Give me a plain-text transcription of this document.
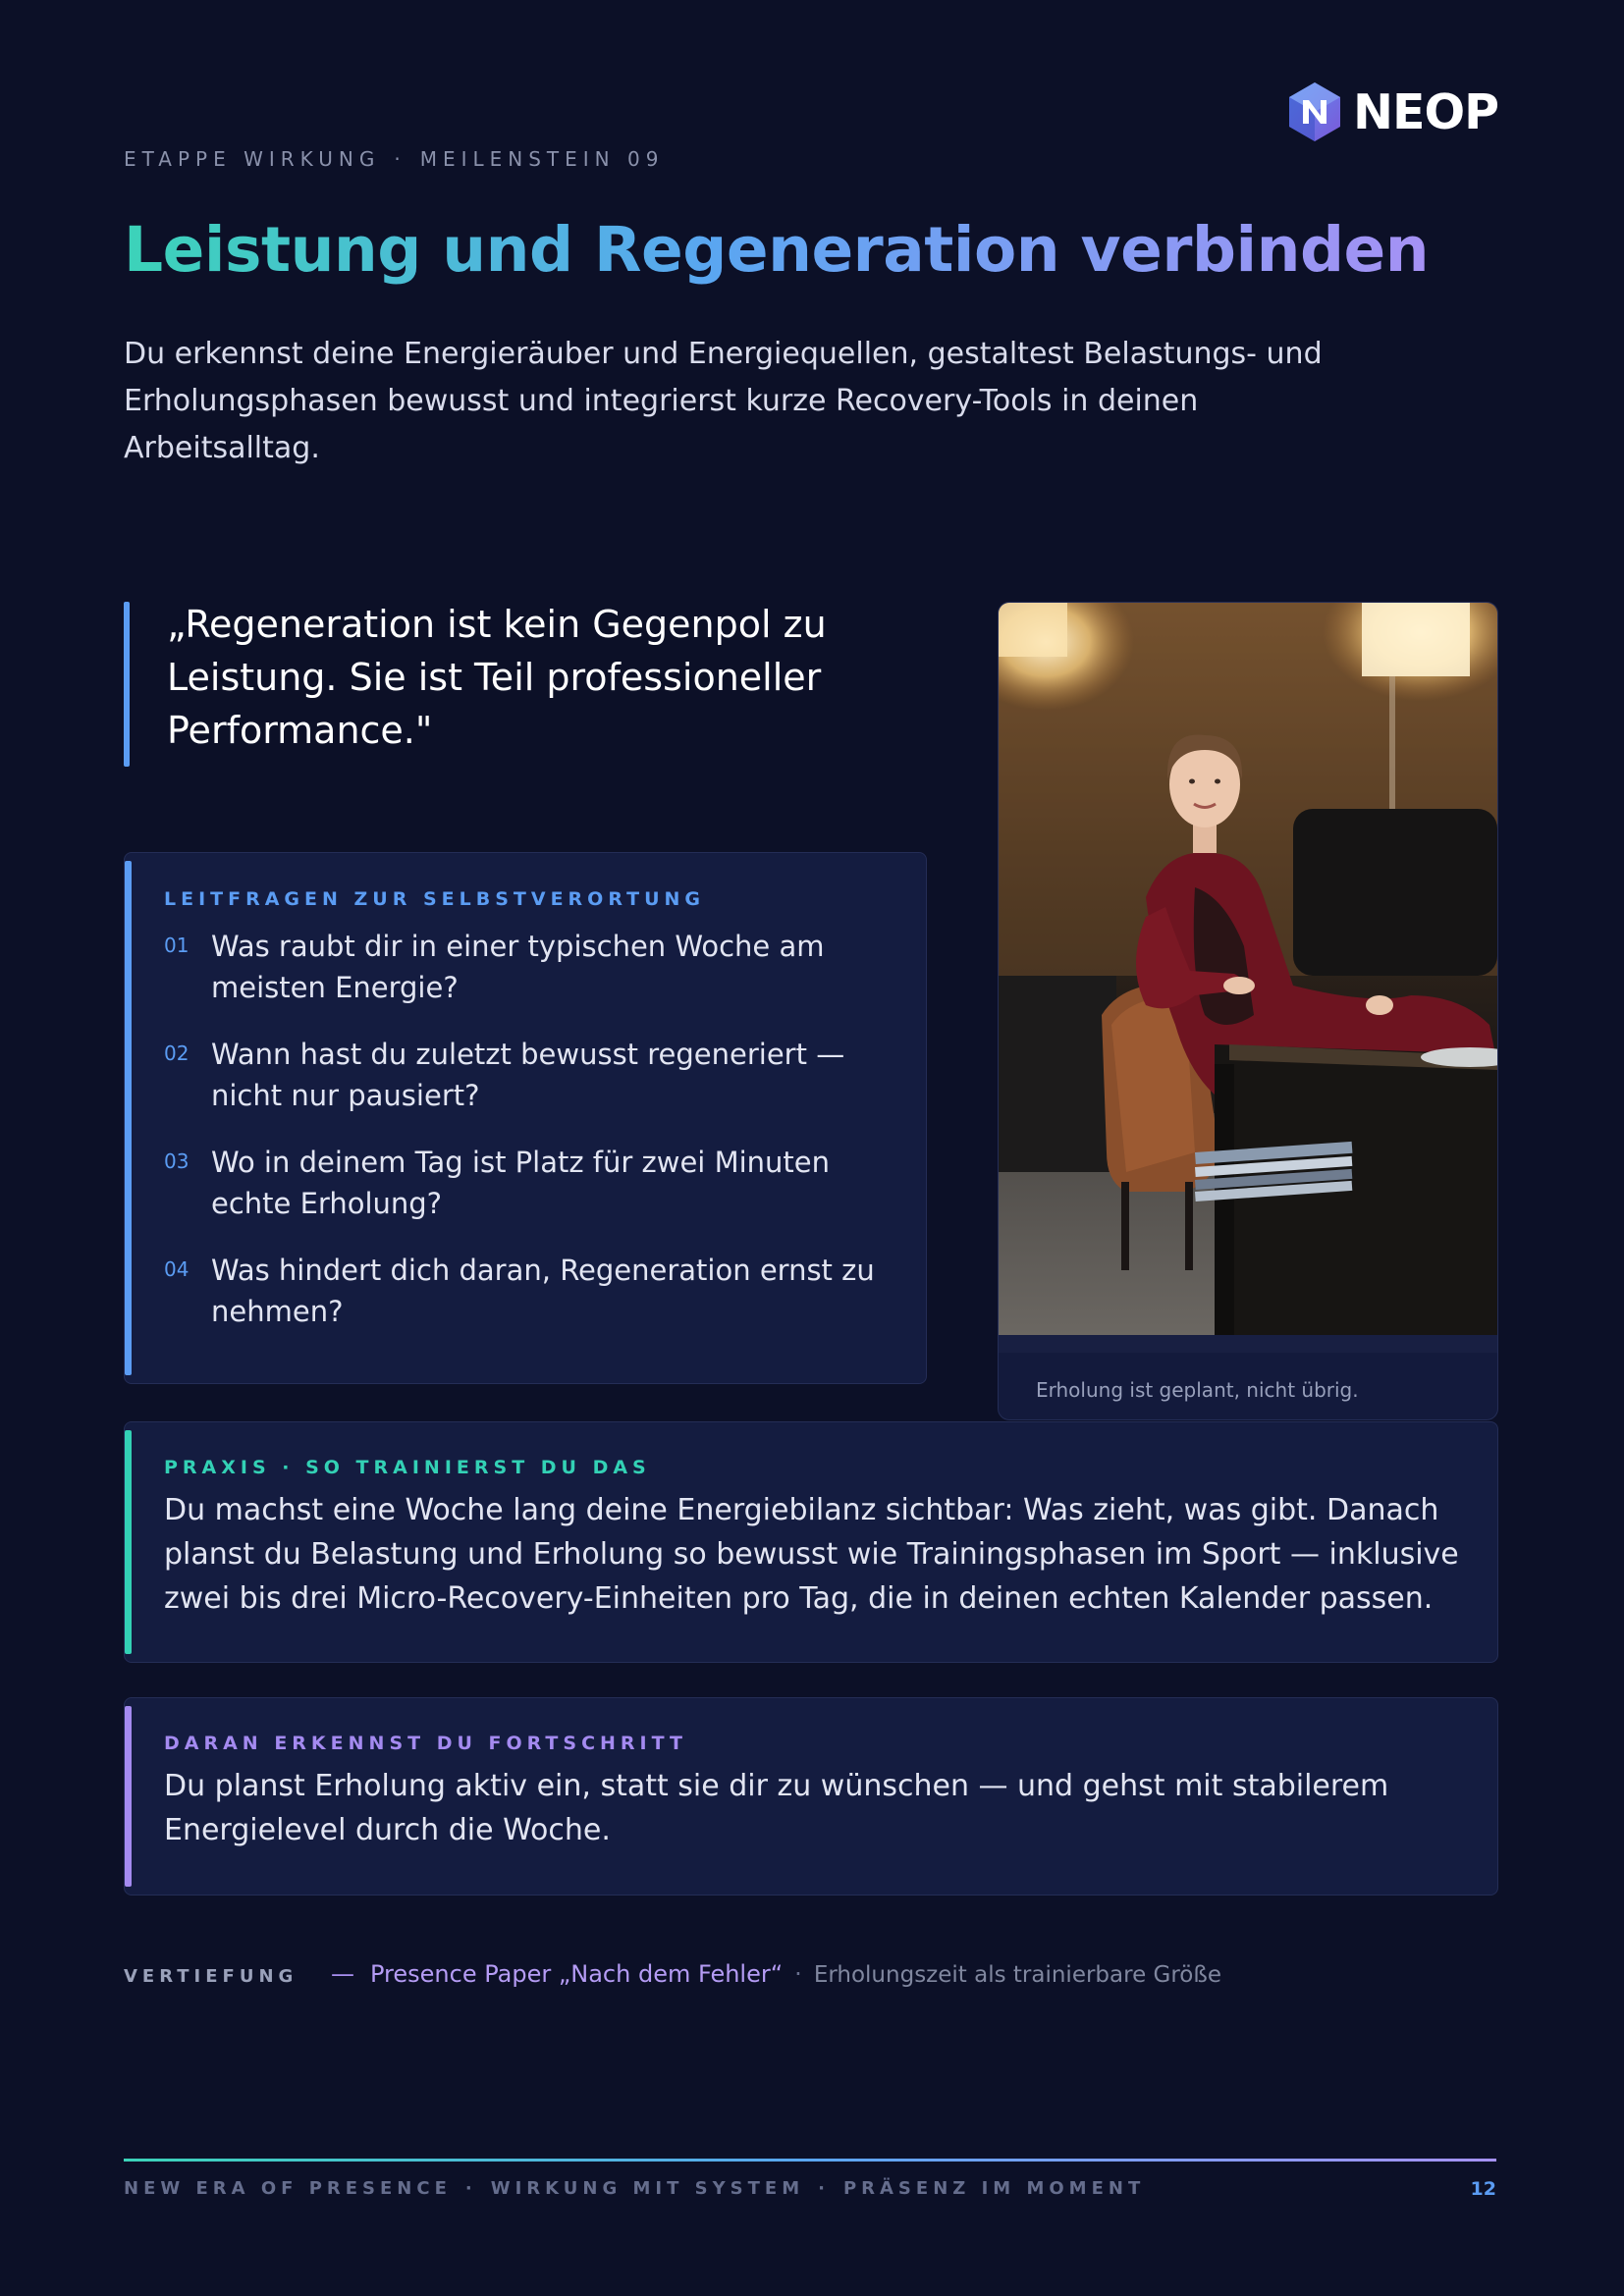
NEOP
ETAPPE WIRKUNG · MEILENSTEIN 09
Leistung und Regeneration verbinden
Du erkennst deine Energieräuber und Energiequellen, gestaltest Belastungs- und Erholungsphasen bewusst und integrierst kurze Recovery-Tools in deinen Arbeitsalltag.
„Regeneration ist kein Gegenpol zu Leistung. Sie ist Teil professioneller Performance."
Erholung ist geplant, nicht übrig.
LEITFRAGEN ZUR SELBSTVERORTUNG
01 Was raubt dir in einer typischen Woche am meisten Energie?
02 Wann hast du zuletzt bewusst regeneriert — nicht nur pausiert?
03 Wo in deinem Tag ist Platz für zwei Minuten echte Erholung?
04 Was hindert dich daran, Regeneration ernst zu nehmen?
PRAXIS · SO TRAINIERST DU DAS
Du machst eine Woche lang deine Energiebilanz sichtbar: Was zieht, was gibt. Danach planst du Belastung und Erholung so bewusst wie Trainingsphasen im Sport — inklusive zwei bis drei Micro-Recovery-Einheiten pro Tag, die in deinen echten Kalender passen.
DARAN ERKENNST DU FORTSCHRITT
Du planst Erholung aktiv ein, statt sie dir zu wünschen — und gehst mit stabilerem Energielevel durch die Woche.
VERTIEFUNG — Presence Paper „Nach dem Fehler“ · Erholungszeit als trainierbare Größe
NEW ERA OF PRESENCE · WIRKUNG MIT SYSTEM · PRÄSENZ IM MOMENT	12
